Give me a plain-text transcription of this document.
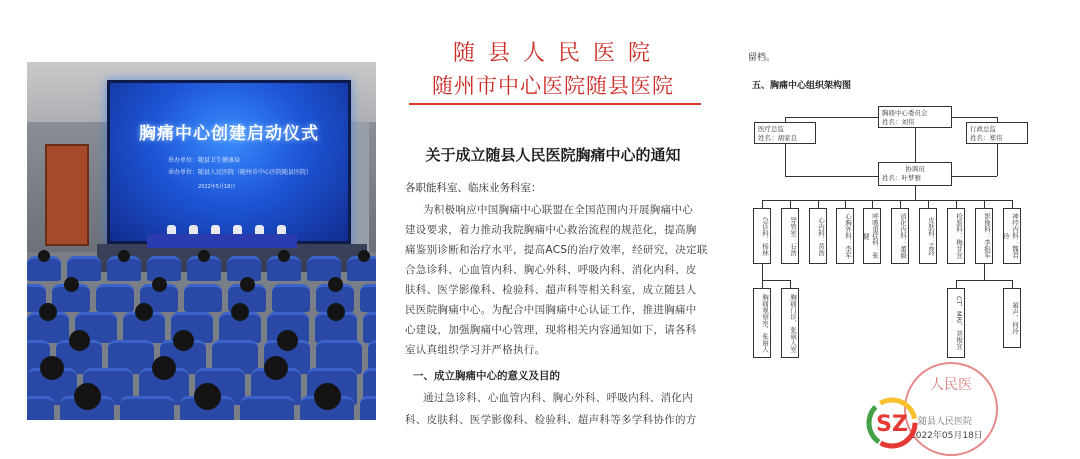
胸痛中心创建启动仪式
举办单位：随县卫生健康局
承办单位：随县人民医院（随州市中心医院随县医院）
2022年5月18日
随 县 人 民 医 院
随州市中心医院随县医院
关于成立随县人民医院胸痛中心的通知
各职能科室、临床业务科室：
为积极响应中国胸痛中心联盟在全国范围内开展胸痛中心
建设要求，着力推动我院胸痛中心救治流程的规范化，提高胸
痛鉴别诊断和治疗水平，提高ACS的治疗效率，经研究，决定联
合急诊科、心血管内科、胸心外科、呼吸内科、消化内科、皮
肤科、医学影像科、检验科、超声科等相关科室，成立随县人
民医院胸痛中心。为配合中国胸痛中心认证工作，推进胸痛中
心建设，加强胸痛中心管理，现将相关内容通知如下，请各科
室认真组织学习并严格执行。
一、成立胸痛中心的意义及目的
通过急诊科、心血管内科、胸心外科、呼吸内科、消化内
科、皮肤科、医学影像科、检验科、超声科等多学科协作的方
留档。
五、胸痛中心组织架构图
胸痛中心委员会
姓名：刘伟
医疗总监
姓名：胡家良
行政总监
姓名：郑伟
协调员
姓名：叶梦雅
急诊科：杨林	导管室：石浩	心内科：黄浩	心胸外科：李军	呼吸重症科：张健	消化内科：董毅	皮肤科：孟玲	检验科：梅甘宜	影像科：李振军	神经内科：魏君玲
胸痛观察室、张丽人	胸痛门诊、张丽人室	CT、MRI、刘俊宜	超声、何玲
人民医
随县人民医院
2022年05月18日
SZ
